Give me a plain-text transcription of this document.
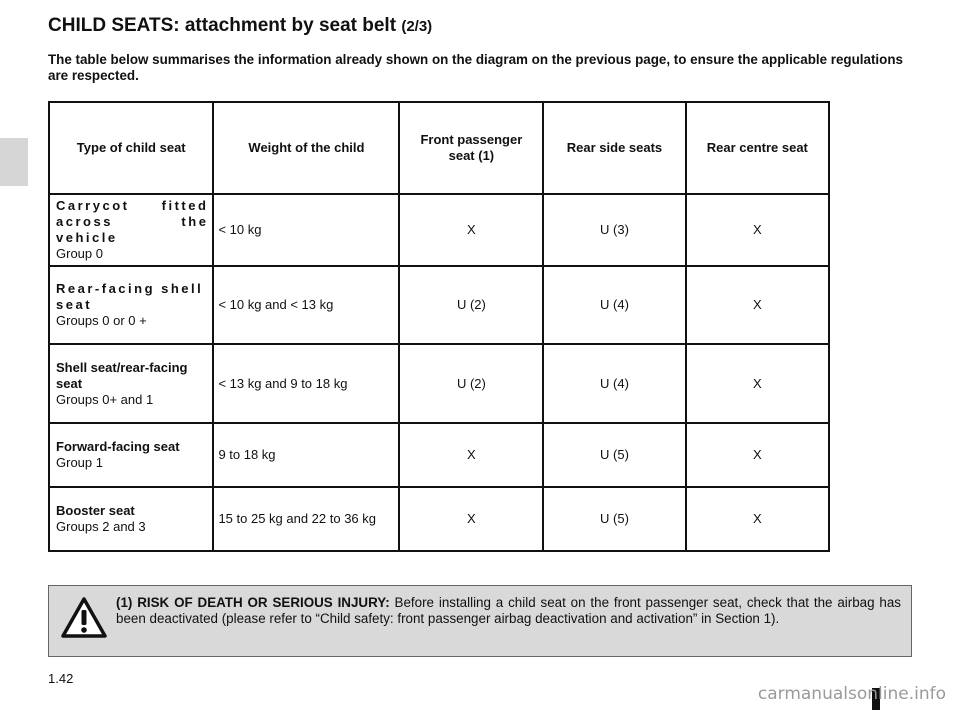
CHILD SEATS: attachment by seat belt (2/3)

The table below summarises the information already shown on the diagram on the previous page, to ensure the applicable regulations are respected.

Type of child seat	Weight of the child	Front passenger seat (1)	Rear side seats	Rear centre seat

Carrycot fitted across the vehicle
Group 0	< 10 kg	X	U (3)	X

Rear-facing shell seat
Groups 0 or 0 +	< 10 kg and < 13 kg	U (2)	U (4)	X

Shell seat/rear-facing seat
Groups 0+ and 1	< 13 kg and 9 to 18 kg	U (2)	U (4)	X

Forward-facing seat
Group 1	9 to 18 kg	X	U (5)	X

Booster seat
Groups 2 and 3	15 to 25 kg and 22 to 36 kg	X	U (5)	X

(1) RISK OF DEATH OR SERIOUS INJURY: Before installing a child seat on the front passenger seat, check that the airbag has been deactivated (please refer to “Child safety: front passenger airbag deactivation and activation” in Section 1).

1.42
carmanualsonline.info
